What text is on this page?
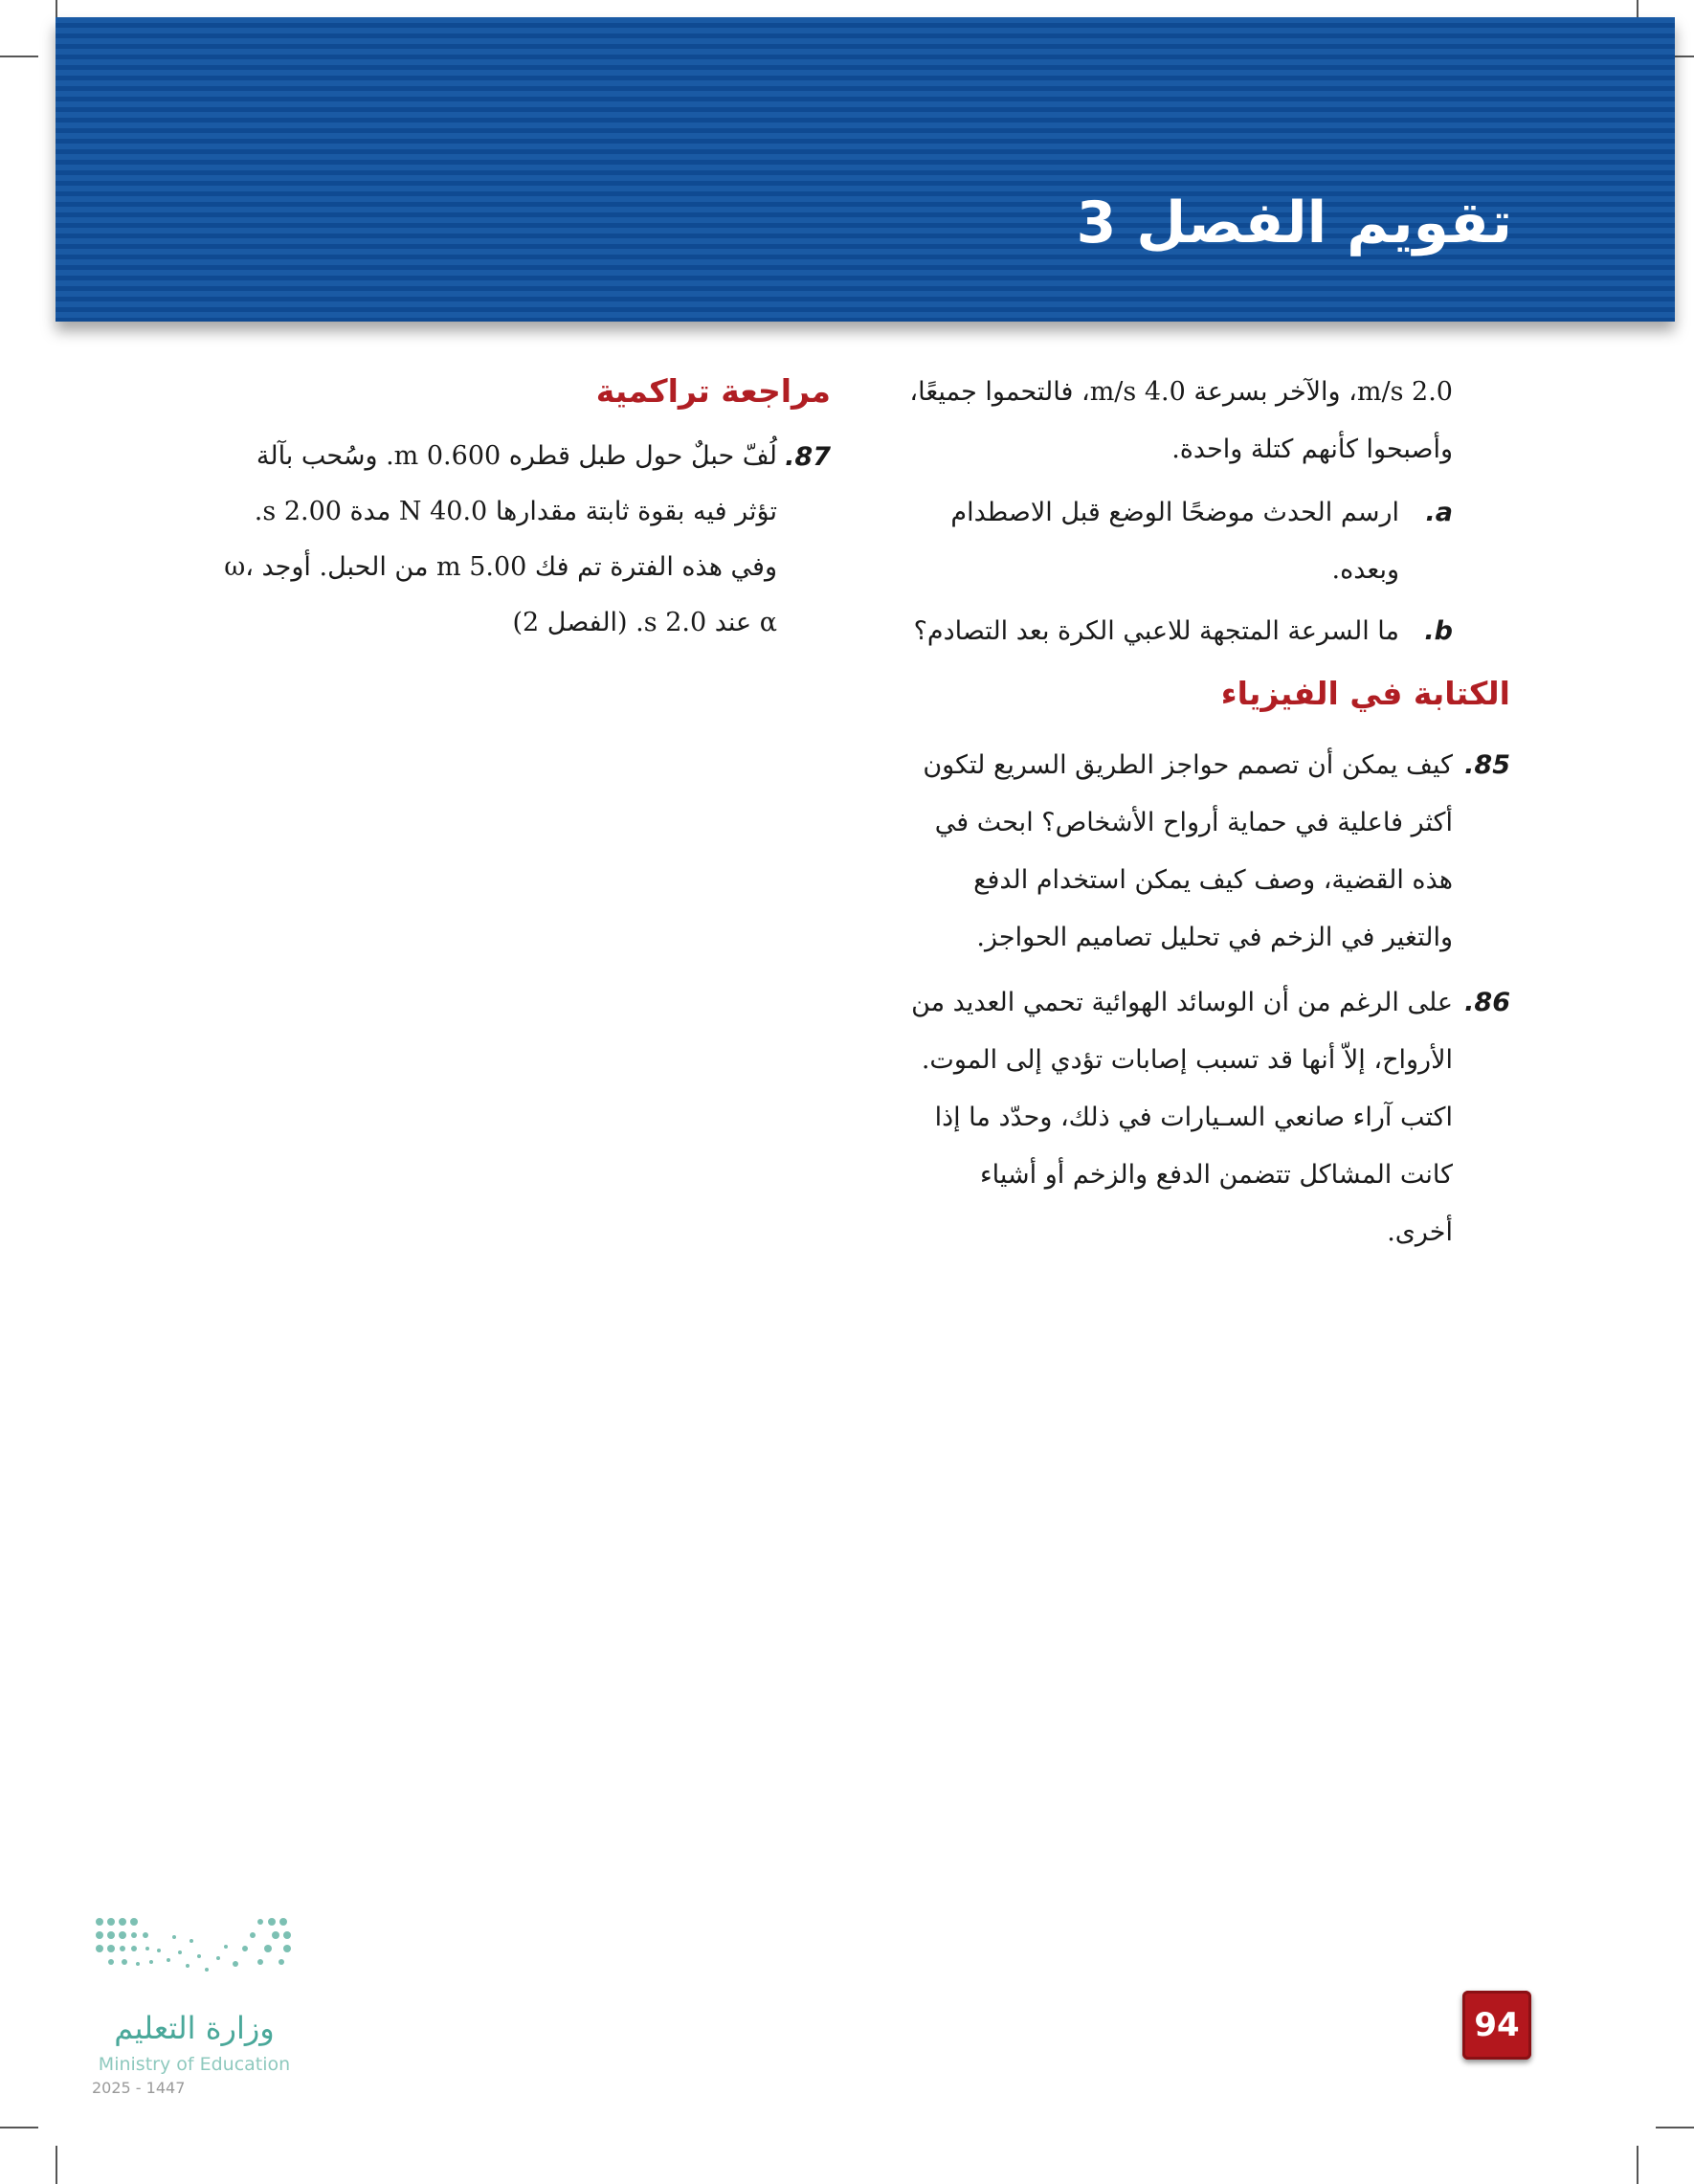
تقويم الفصل 3

2.0 m/s، والآخر بسرعة 4.0 m/s، فالتحموا جميعًا،

وأصبحوا كأنهم كتلة واحدة.

a.

ارسم الحدث موضحًا الوضع قبل الاصطدام وبعده.

b.

ما السرعة المتجهة للاعبي الكرة بعد التصادم؟

الكتابة في الفيزياء
85.

كيف يمكن أن تصمم حواجز الطريق السريع لتكون أكثر فاعلية في حماية أرواح الأشخاص؟ ابحث في هذه القضية، وصف كيف يمكن استخدام الدفع والتغير في الزخم في تحليل تصاميم الحواجز.

86.

على الرغم من أن الوسائد الهوائية تحمي العديد من الأرواح، إلاّ أنها قد تسبب إصابات تؤدي إلى الموت. اكتب آراء صانعي السـيارات في ذلك، وحدّد ما إذا كانت المشاكل تتضمن الدفع والزخم أو أشياء أخرى.

مراجعة تراكمية
87.

لُفّ حبلٌ حول طبل قطره 0.600 m. وسُحب بآلة تؤثر فيه بقوة ثابتة مقدارها 40.0 N مدة 2.00 s. وفي هذه الفترة تم فك 5.00 m من الحبل. أوجد ω، α عند 2.0 s. (الفصل 2)

94
وزارة التعليم
Ministry of Education
2025 - 1447
